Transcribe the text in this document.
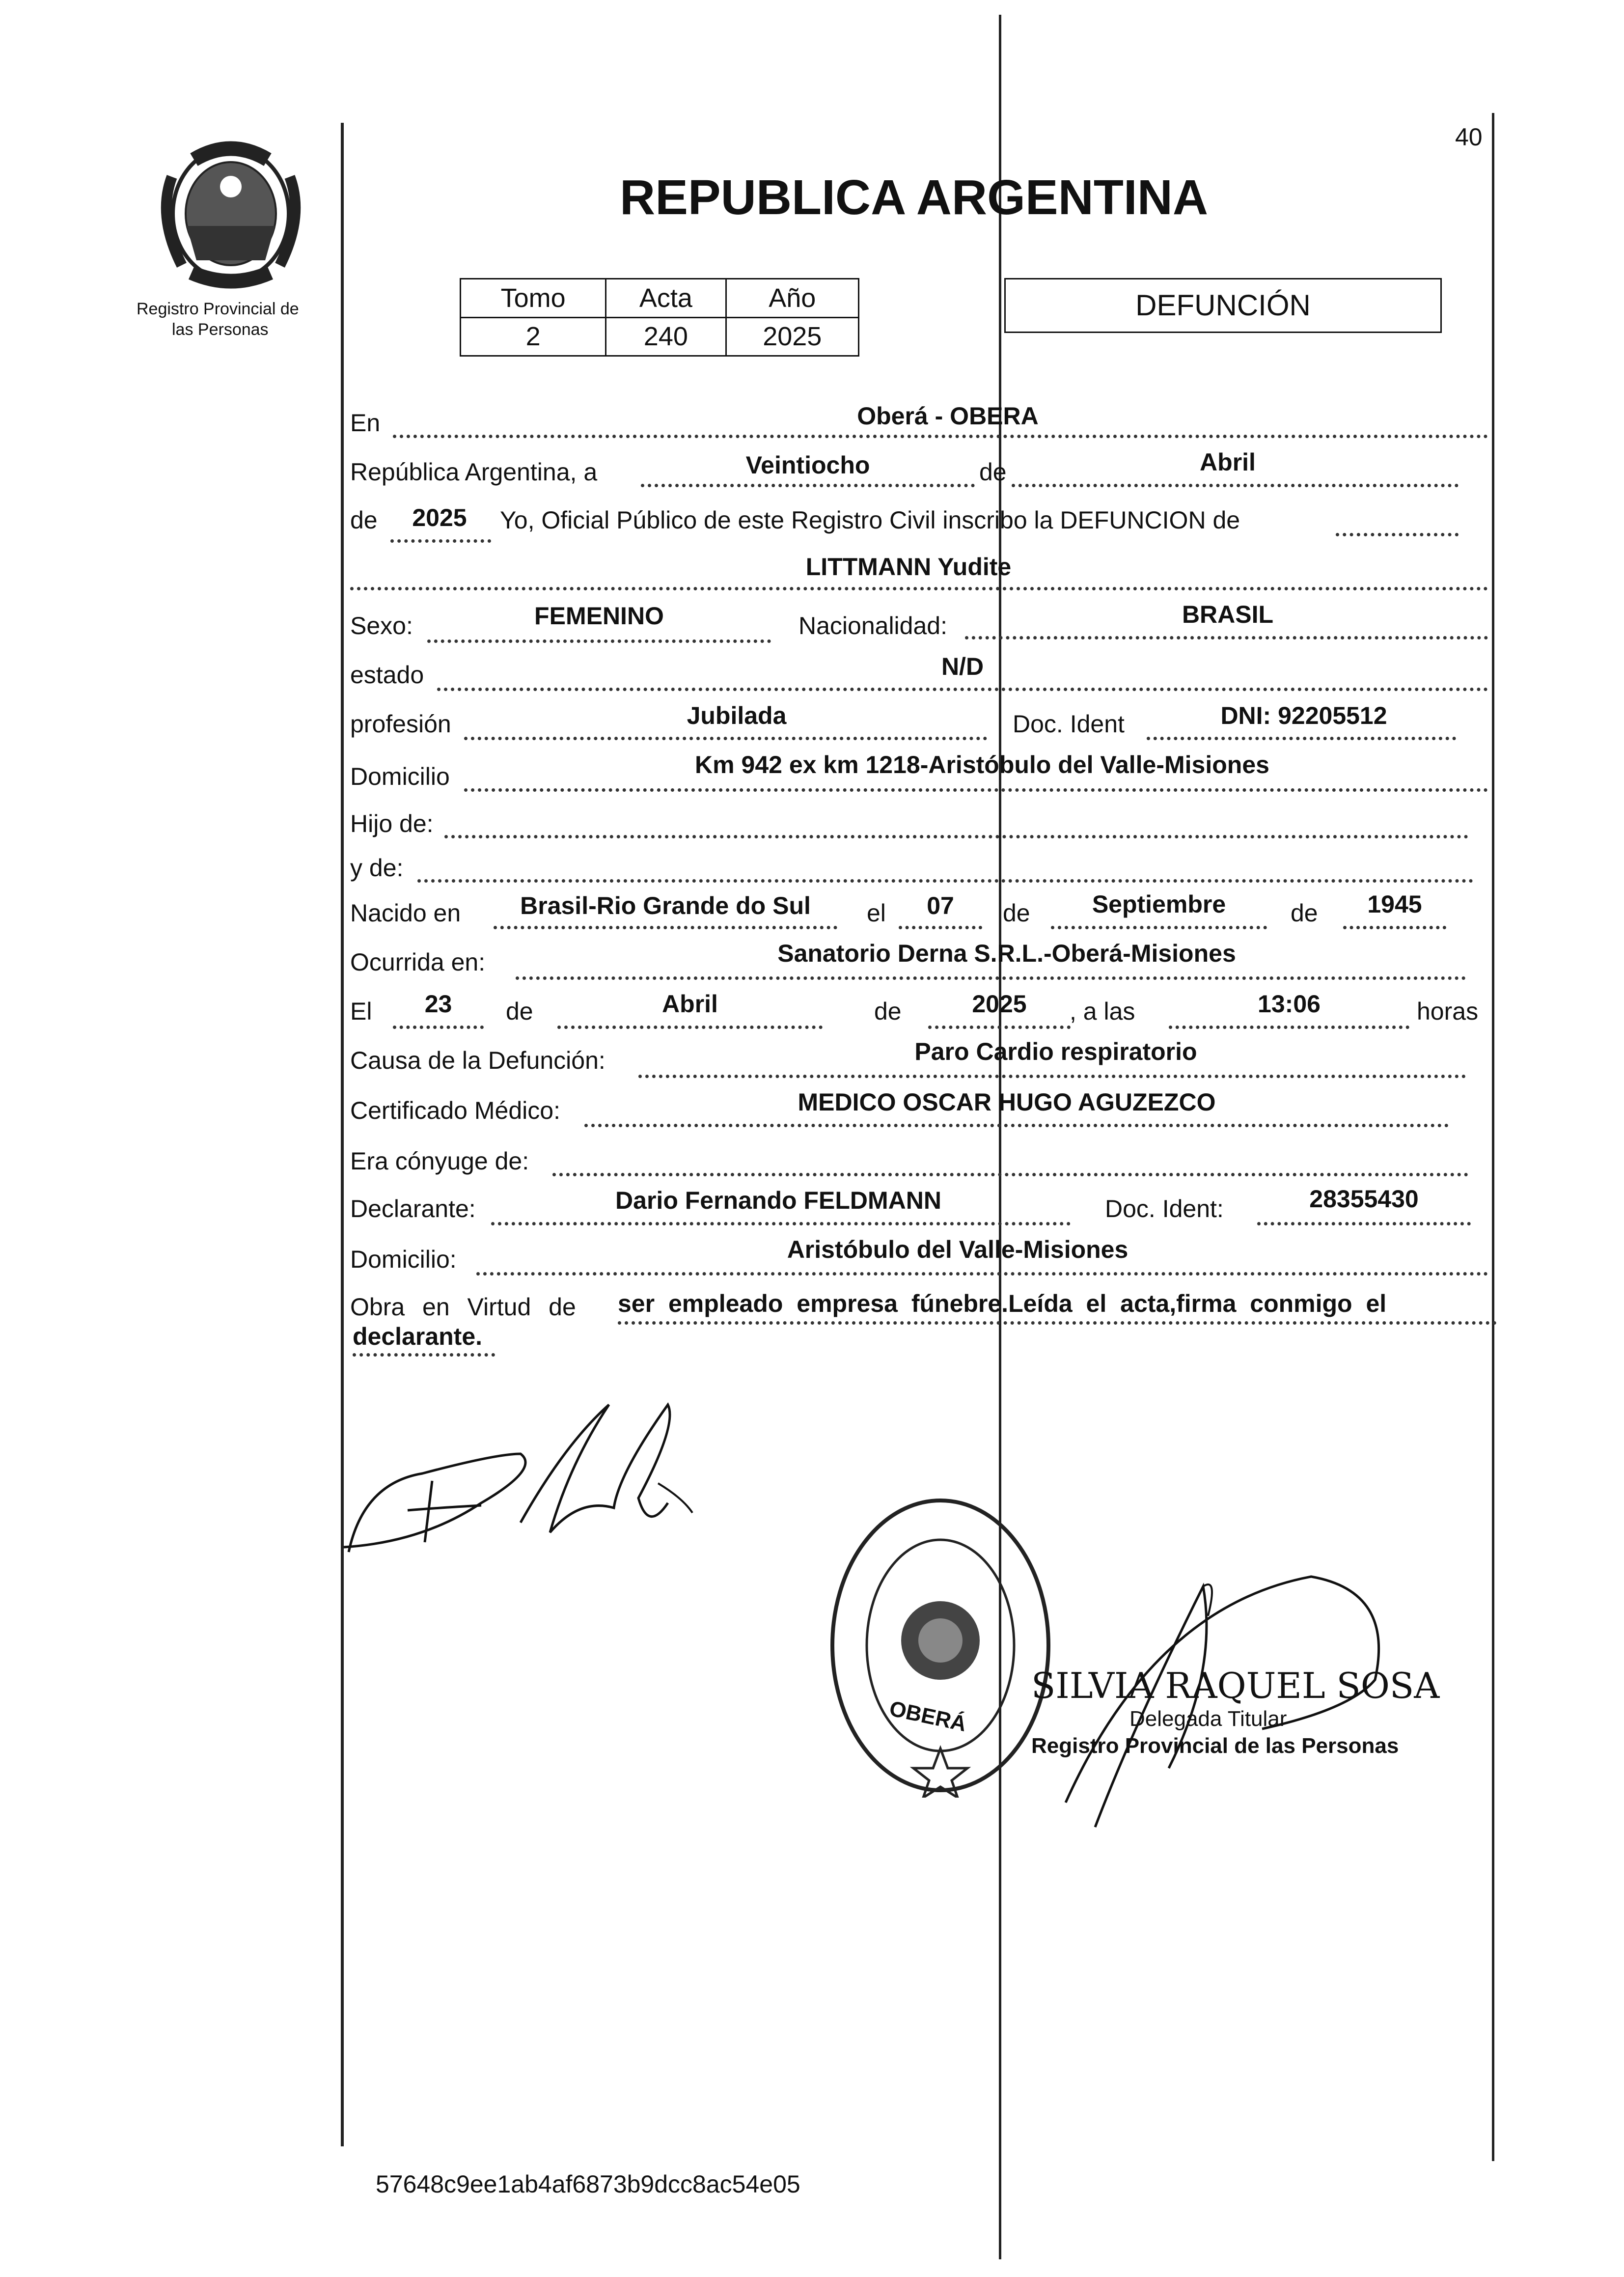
40
Registro Provincial de
las Personas
REPUBLICA ARGENTINA
Tomo	Acta	Año
2	240	2025
DEFUNCIÓN
En	Oberá - OBERA
República Argentina, a	Veintiocho	de	Abril
de	2025	Yo, Oficial Público de este Registro Civil inscribo la DEFUNCION de
LITTMANN Yudite
Sexo:	FEMENINO	Nacionalidad:	BRASIL
estado	N/D
profesión	Jubilada	Doc. Ident	DNI: 92205512
Domicilio	Km 942 ex km 1218-Aristóbulo del Valle-Misiones
Hijo de:
y de:
Nacido en	Brasil-Rio Grande do Sul	el	07	de	Septiembre	de	1945
Ocurrida en:	Sanatorio Derna S.R.L.-Oberá-Misiones
El	23	de	Abril	de	2025	, a las	13:06	horas
Causa de la Defunción:	Paro Cardio respiratorio
Certificado Médico:	MEDICO OSCAR HUGO AGUZEZCO
Era cónyuge de:
Declarante:	Dario Fernando FELDMANN	Doc. Ident:	28355430
Domicilio:	Aristóbulo del Valle-Misiones
Obra en Virtud de ser empleado empresa fúnebre.Leída el acta,firma conmigo el
declarante.
OBERÁ
SILVIA RAQUEL SOSA
Delegada Titular
Registro Provincial de las Personas
57648c9ee1ab4af6873b9dcc8ac54e05
